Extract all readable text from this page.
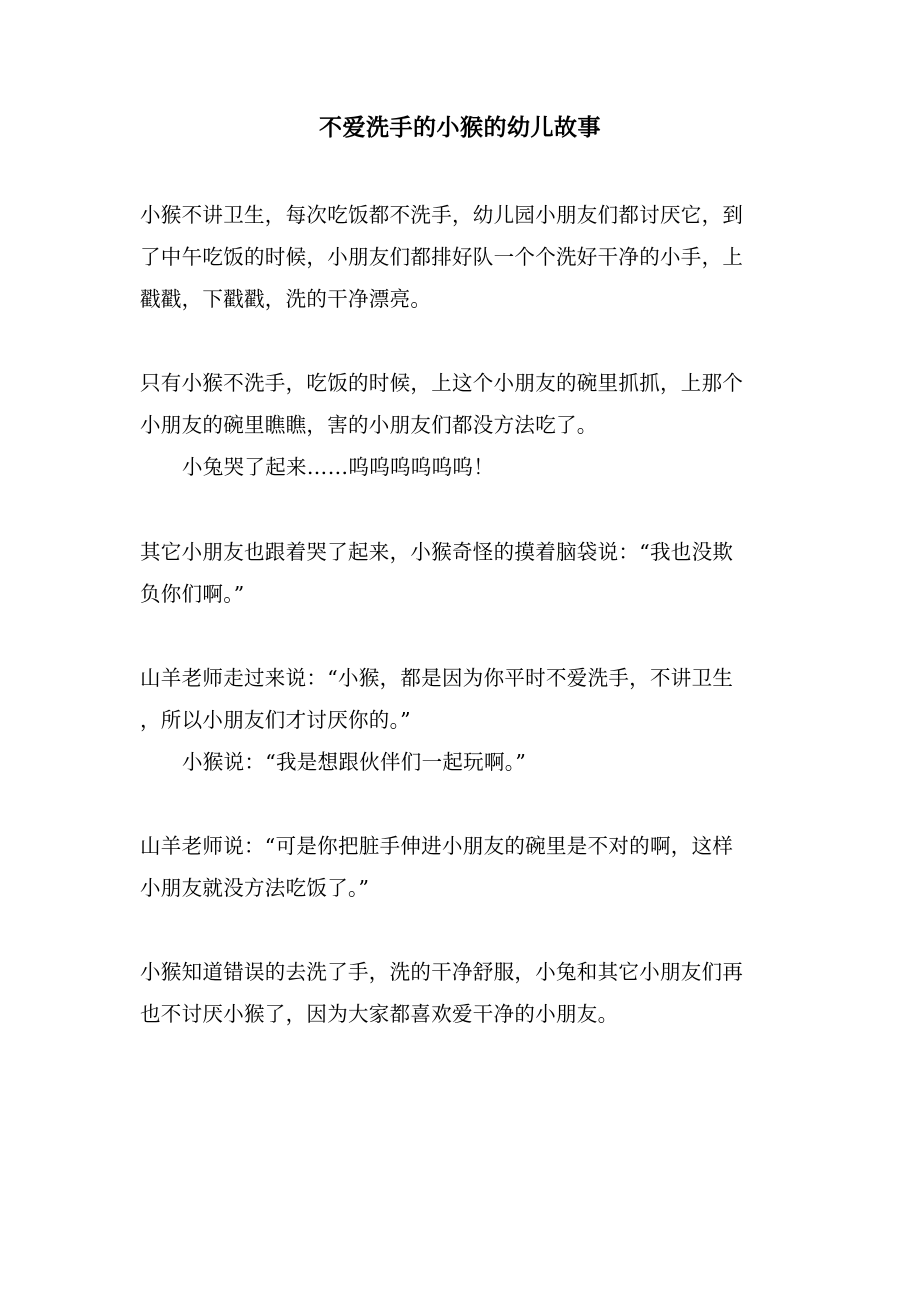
不爱洗手的小猴的幼儿故事
小猴不讲卫生，每次吃饭都不洗手，幼儿园小朋友们都讨厌它，到
了中午吃饭的时候，小朋友们都排好队一个个洗好干净的小手，上
戳戳，下戳戳，洗的干净漂亮。
只有小猴不洗手，吃饭的时候，上这个小朋友的碗里抓抓，上那个
小朋友的碗里瞧瞧，害的小朋友们都没方法吃了。
小兔哭了起来……呜呜呜呜呜呜！
其它小朋友也跟着哭了起来，小猴奇怪的摸着脑袋说：“我也没欺
负你们啊。”
山羊老师走过来说：“小猴，都是因为你平时不爱洗手，不讲卫生
，所以小朋友们才讨厌你的。”
小猴说：“我是想跟伙伴们一起玩啊。”
山羊老师说：“可是你把脏手伸进小朋友的碗里是不对的啊，这样
小朋友就没方法吃饭了。”
小猴知道错误的去洗了手，洗的干净舒服，小兔和其它小朋友们再
也不讨厌小猴了，因为大家都喜欢爱干净的小朋友。
